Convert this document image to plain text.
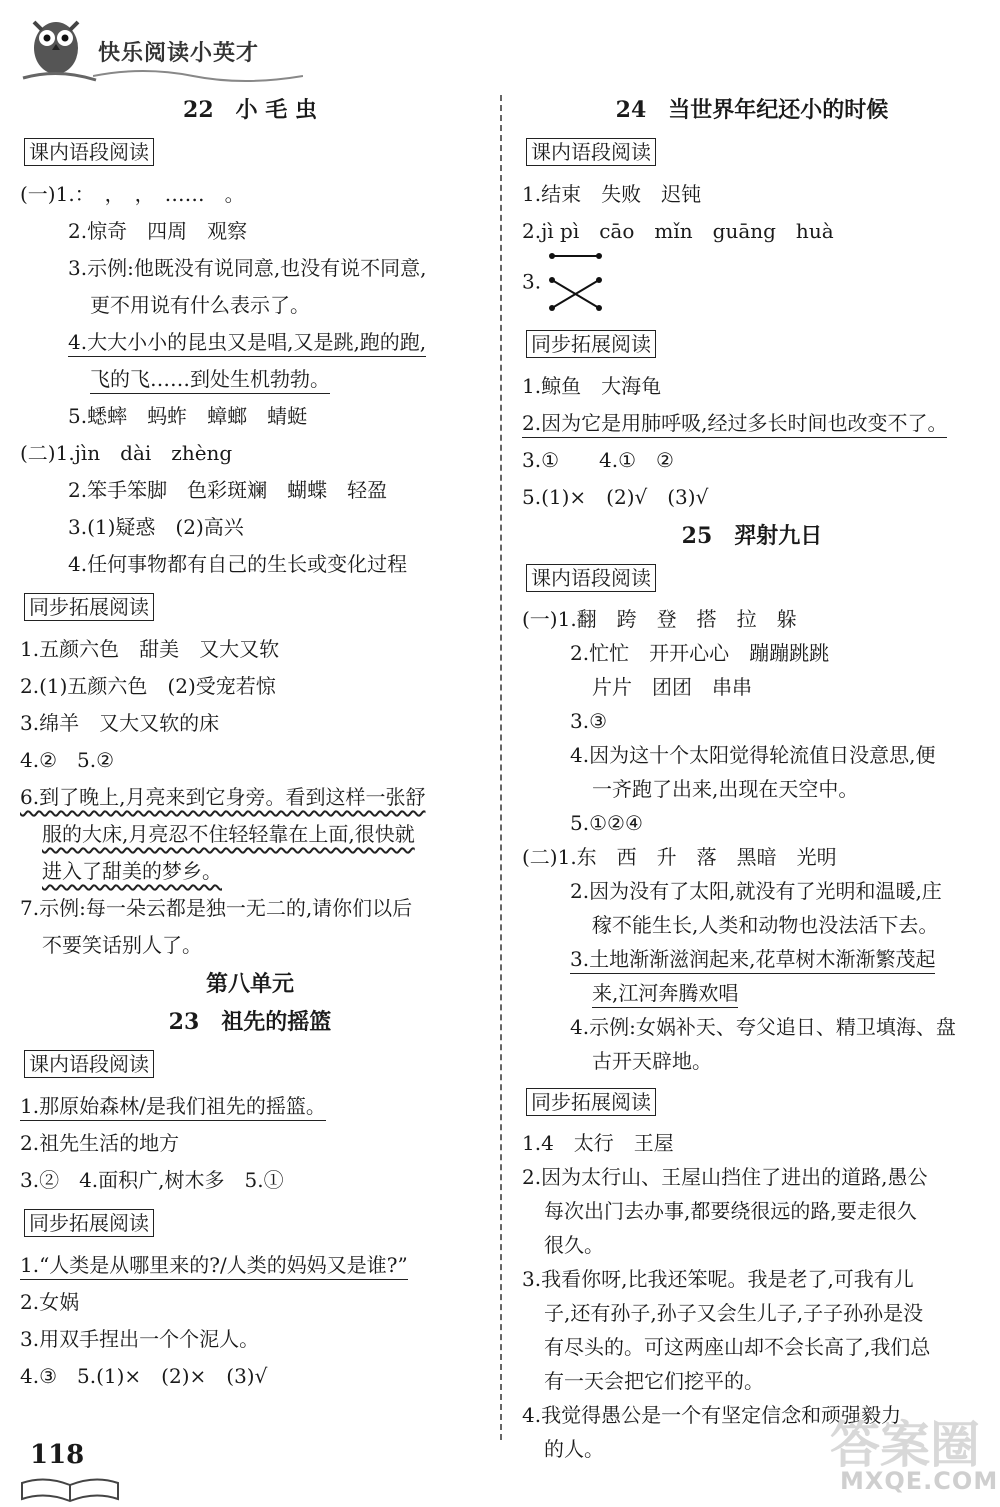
快乐阅读小英才
22 小 毛 虫
课内语段阅读
(一)1.：　，　，　……　。
2.惊奇　四周　观察
3.示例:他既没有说同意,也没有说不同意,
更不用说有什么表示了。
4.大大小小的昆虫又是唱,又是跳,跑的跑,
飞的飞……到处生机勃勃。
5.蟋蟀　蚂蚱　蟑螂　蜻蜓
(二)1.jìn　dài　zhèng
2.笨手笨脚　色彩斑斓　蝴蝶　轻盈
3.(1)疑惑　(2)高兴
4.任何事物都有自己的生长或变化过程
同步拓展阅读
1.五颜六色　甜美　又大又软
2.(1)五颜六色　(2)受宠若惊
3.绵羊　又大又软的床
4.②　5.②
6.到了晚上,月亮来到它身旁。看到这样一张舒
服的大床,月亮忍不住轻轻靠在上面,很快就
进入了甜美的梦乡。
7.示例:每一朵云都是独一无二的,请你们以后
不要笑话别人了。
第八单元
23 祖先的摇篮
课内语段阅读
1.那原始森林/是我们祖先的摇篮。
2.祖先生活的地方
3.②　4.面积广,树木多　5.①
同步拓展阅读
1.“人类是从哪里来的?/人类的妈妈又是谁?”
2.女娲
3.用双手捏出一个个泥人。
4.③　5.(1)×　(2)×　(3)√
24 当世界年纪还小的时候
课内语段阅读
1.结束　失败　迟钝
2.jì pì　cāo　mǐn　guāng　huà
3.
同步拓展阅读
1.鲸鱼　大海龟
2.因为它是用肺呼吸,经过多长时间也改变不了。
3.①　　4.①　②
5.(1)×　(2)√　(3)√
25 羿射九日
课内语段阅读
(一)1.翻　跨　登　搭　拉　躲
2.忙忙　开开心心　蹦蹦跳跳
片片　团团　串串
3.③
4.因为这十个太阳觉得轮流值日没意思,便
一齐跑了出来,出现在天空中。
5.①②④
(二)1.东　西　升　落　黑暗　光明
2.因为没有了太阳,就没有了光明和温暖,庄
稼不能生长,人类和动物也没法活下去。
3.土地渐渐滋润起来,花草树木渐渐繁茂起
来,江河奔腾欢唱
4.示例:女娲补天、夸父追日、精卫填海、盘
古开天辟地。
同步拓展阅读
1.4　太行　王屋
2.因为太行山、王屋山挡住了进出的道路,愚公
每次出门去办事,都要绕很远的路,要走很久
很久。
3.我看你呀,比我还笨呢。我是老了,可我有儿
子,还有孙子,孙子又会生儿子,子子孙孙是没
有尽头的。可这两座山却不会长高了,我们总
有一天会把它们挖平的。
4.我觉得愚公是一个有坚定信念和顽强毅力
的人。
118	答案圈
MXQE.COM
